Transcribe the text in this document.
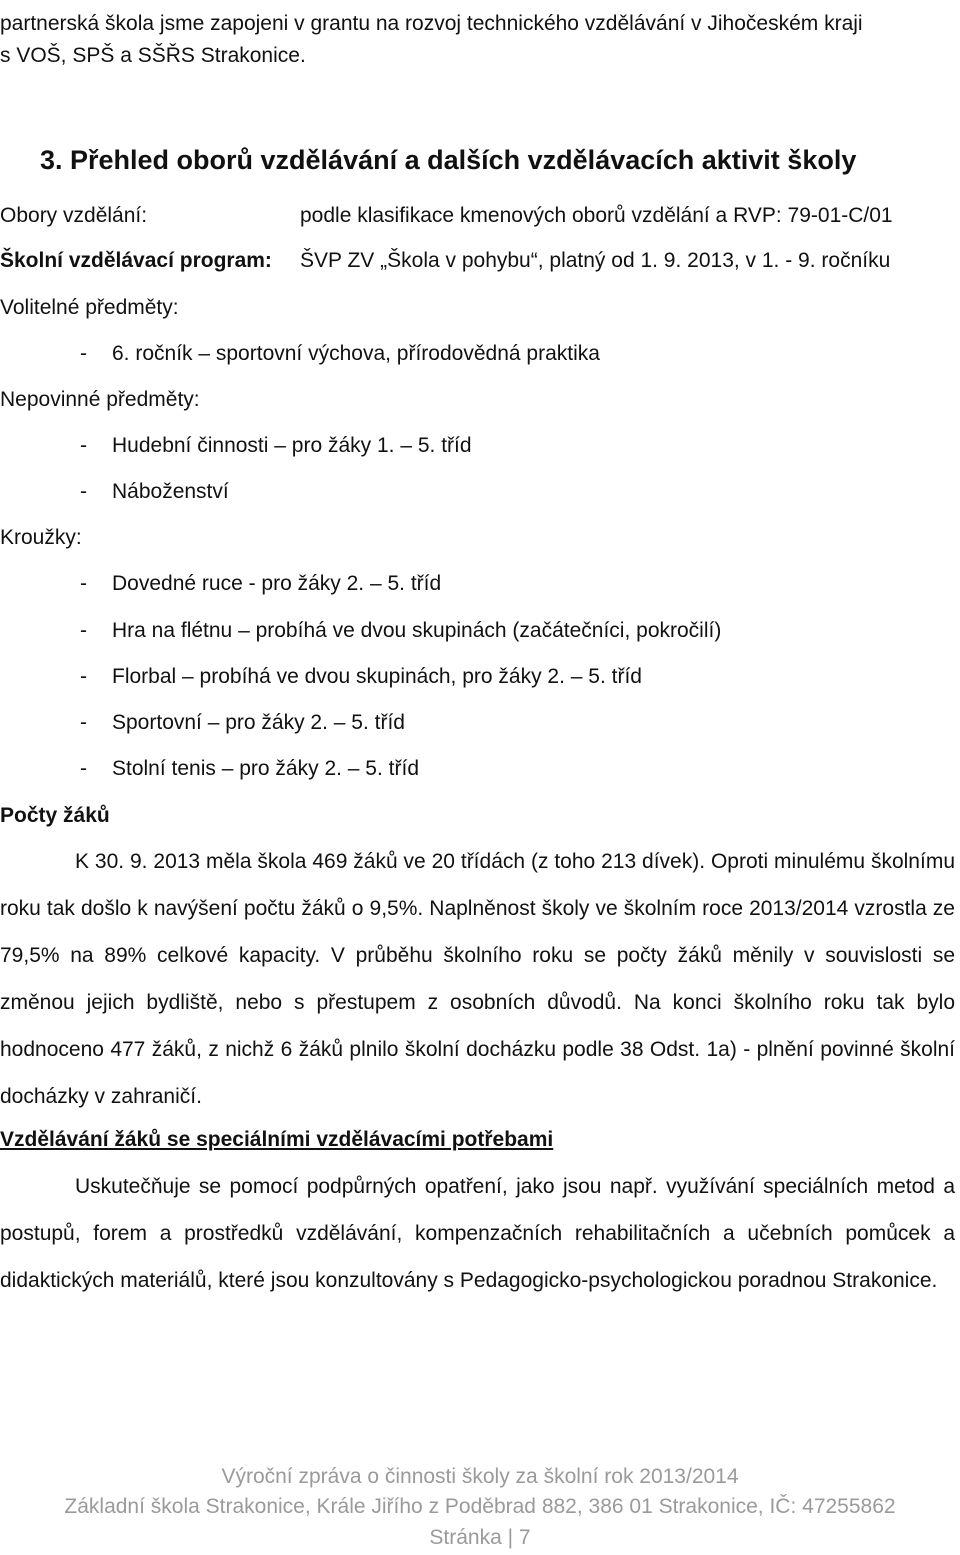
partnerská škola jsme zapojeni v grantu na rozvoj technického vzdělávání v Jihočeském kraji
s VOŠ, SPŠ a SŠŘS Strakonice.
3. Přehled oborů vzdělávání a dalších vzdělávacích aktivit školy
Obory vzdělání:	podle klasifikace kmenových oborů vzdělání a RVP: 79-01-C/01
Školní vzdělávací program: ŠVP ZV „Škola v pohybu“, platný od 1. 9. 2013, v 1. - 9. ročníku
Volitelné předměty:
- 6. ročník – sportovní výchova, přírodovědná praktika
Nepovinné předměty:
- Hudební činnosti – pro žáky 1. – 5. tříd
- Náboženství
Kroužky:
- Dovedné ruce - pro žáky 2. – 5. tříd
- Hra na flétnu – probíhá ve dvou skupinách (začátečníci, pokročilí)
- Florbal – probíhá ve dvou skupinách, pro žáky 2. – 5. tříd
- Sportovní – pro žáky 2. – 5. tříd
- Stolní tenis – pro žáky 2. – 5. tříd
Počty žáků
K 30. 9. 2013 měla škola 469 žáků ve 20 třídách (z toho 213 dívek). Oproti minulému školnímu roku tak došlo k navýšení počtu žáků o 9,5%. Naplněnost školy ve školním roce 2013/2014 vzrostla ze 79,5% na 89% celkové kapacity. V průběhu školního roku se počty žáků měnily v souvislosti se změnou jejich bydliště, nebo s přestupem z osobních důvodů. Na konci školního roku tak bylo hodnoceno 477 žáků, z nichž 6 žáků plnilo školní docházku podle 38 Odst. 1a) - plnění povinné školní docházky v zahraničí.
Vzdělávání žáků se speciálními vzdělávacími potřebami
Uskutečňuje se pomocí podpůrných opatření, jako jsou např. využívání speciálních metod a postupů, forem a prostředků vzdělávání, kompenzačních rehabilitačních a učebních pomůcek a didaktických materiálů, které jsou konzultovány s Pedagogicko-psychologickou poradnou Strakonice.
Výroční zpráva o činnosti školy za školní rok 2013/2014
Základní škola Strakonice, Krále Jiřího z Poděbrad 882, 386 01 Strakonice, IČ: 47255862
Stránka | 7
